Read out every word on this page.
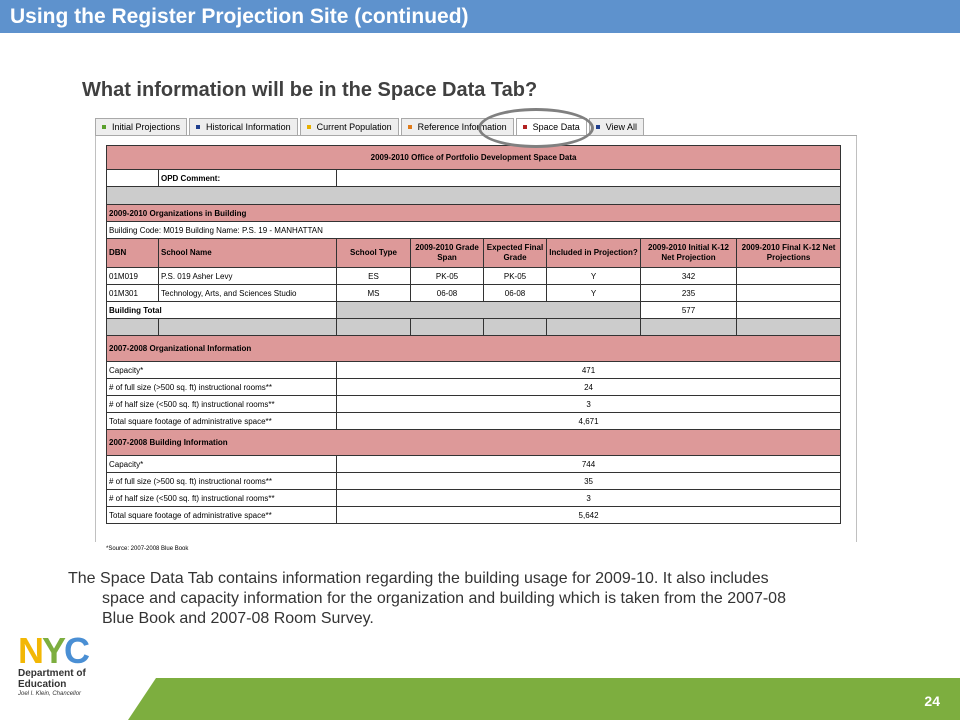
Using the Register Projection Site (continued)
What information will be in the Space Data Tab?
Initial Projections	Historical Information	Current Population	Reference Information	Space Data	View All
2009-2010 Office of Portfolio Development Space Data							
	OPD Comment:						

2009-2010 Organizations in Building							
Building Code: M019 Building Name: P.S. 19 - MANHATTAN							
DBN	School Name	School Type	2009-2010 Grade Span	Expected Final Grade	Included in Projection?	2009-2010 Initial K-12 Net Projection	2009-2010 Final K-12 Net Projections
01M019	P.S. 019 Asher Levy	ES	PK-05	PK-05	Y	342	
01M301	Technology, Arts, and Sciences Studio	MS	06-08	06-08	Y	235	
Building Total						577	

2007-2008 Organizational Information							
Capacity*		471					
# of full size (>500 sq. ft) instructional rooms**		24					
# of half size (<500 sq. ft) instructional rooms**		3					
Total square footage of administrative space**		4,671					
2007-2008 Building Information							
Capacity*		744					
# of full size (>500 sq. ft) instructional rooms**		35					
# of half size (<500 sq. ft) instructional rooms**		3					
Total square footage of administrative space**		5,642					
*Source: 2007-2008 Blue Book
The Space Data Tab contains information regarding the building usage for 2009-10. It also includes
space and capacity information for the organization and building which is taken from the 2007-08
Blue Book and 2007-08 Room Survey.
NYC
Department of
Education
Joel I. Klein, Chancellor	24
